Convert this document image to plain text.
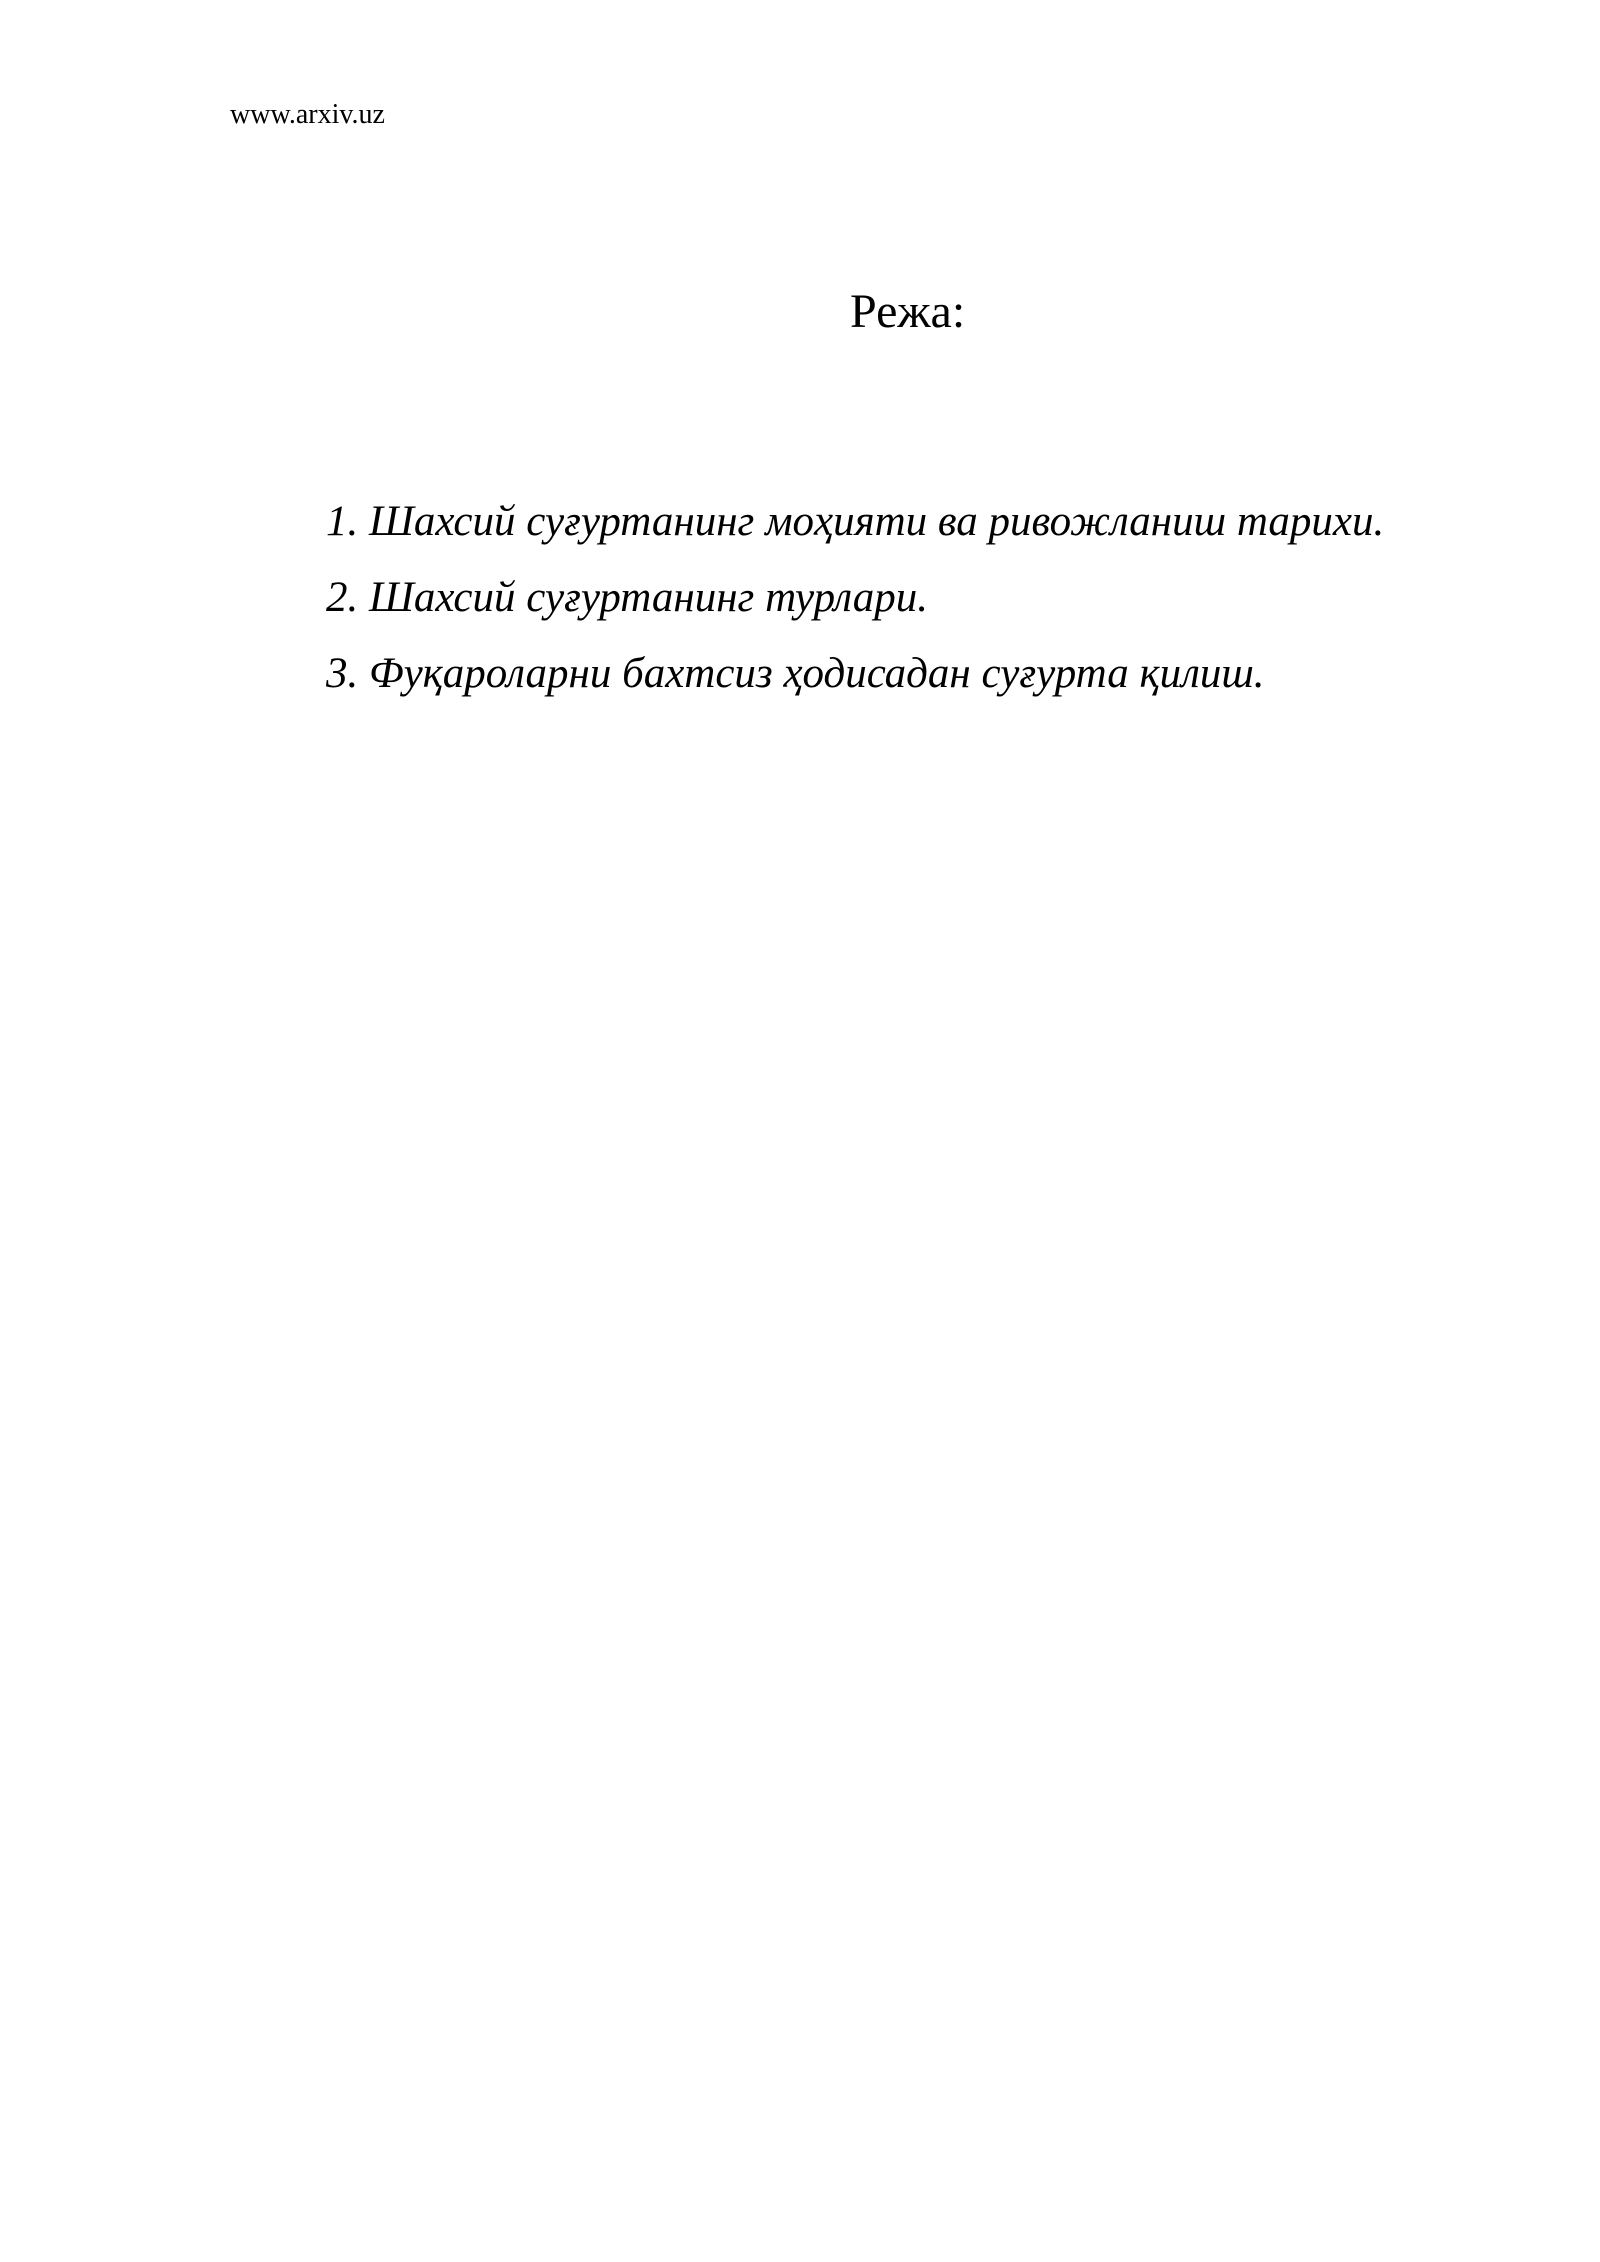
www.arxiv.uz
Режа:
1. Шахсий суғуртанинг моҳияти ва ривожланиш тарихи.
2. Шахсий суғуртанинг турлари.
3. Фуқароларни бахтсиз ҳодисадан суғурта қилиш.
